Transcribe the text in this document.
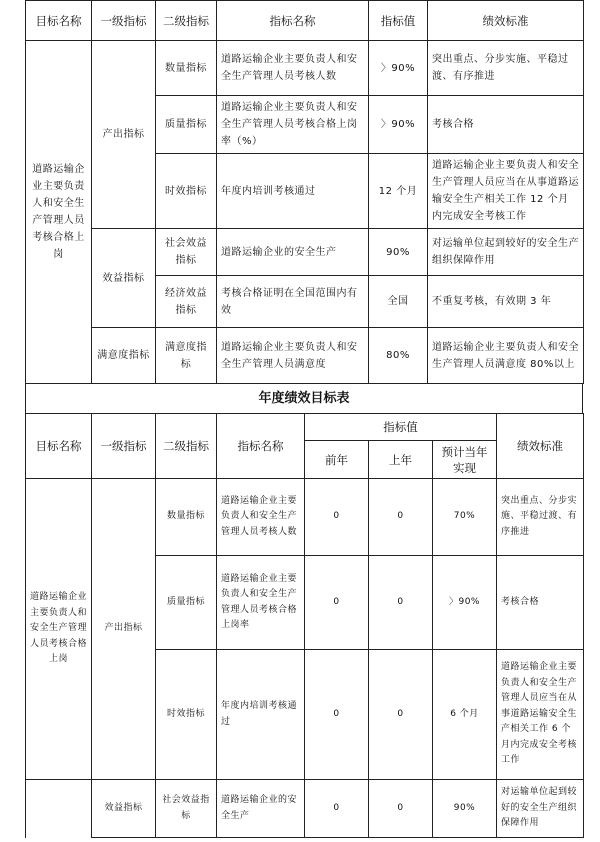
目标名称	一级指标	二级指标	指标名称	指标值	绩效标准
道路运输企业主要负责人和安全生产管理人员考核合格上岗	产出指标	数量指标	道路运输企业主要负责人和安全生产管理人员考核人数	〉90%	突出重点、分步实施、平稳过渡、有序推进
		质量指标	道路运输企业主要负责人和安全生产管理人员考核合格上岗率（%）	〉90%	考核合格
		时效指标	年度内培训考核通过	12 个月	道路运输企业主要负责人和安全生产管理人员应当在从事道路运输安全生产相关工作 12 个月内完成安全考核工作
	效益指标	社会效益指标	道路运输企业的安全生产	90%	对运输单位起到较好的安全生产组织保障作用
		经济效益指标	考核合格证明在全国范围内有效	全国	不重复考核，有效期 3 年
	满意度指标	满意度指标	道路运输企业主要负责人和安全生产管理人员满意度	80%	道路运输企业主要负责人和安全生产管理人员满意度 80%以上
年度绩效目标表
目标名称	一级指标	二级指标	指标名称	指标值			绩效标准
				前年	上年	预计当年实现	
道路运输企业主要负责人和安全生产管理人员考核合格上岗	产出指标	数量指标	道路运输企业主要负责人和安全生产管理人员考核人数	0	0	70%	突出重点、分步实施、平稳过渡、有序推进
		质量指标	道路运输企业主要负责人和安全生产管理人员考核合格上岗率	0	0	〉90%	考核合格
		时效指标	年度内培训考核通过	0	0	6 个月	道路运输企业主要负责人和安全生产管理人员应当在从事道路运输安全生产相关工作 6 个月内完成安全考核工作
	效益指标	社会效益指标	道路运输企业的安全生产	0	0	90%	对运输单位起到较好的安全生产组织保障作用
